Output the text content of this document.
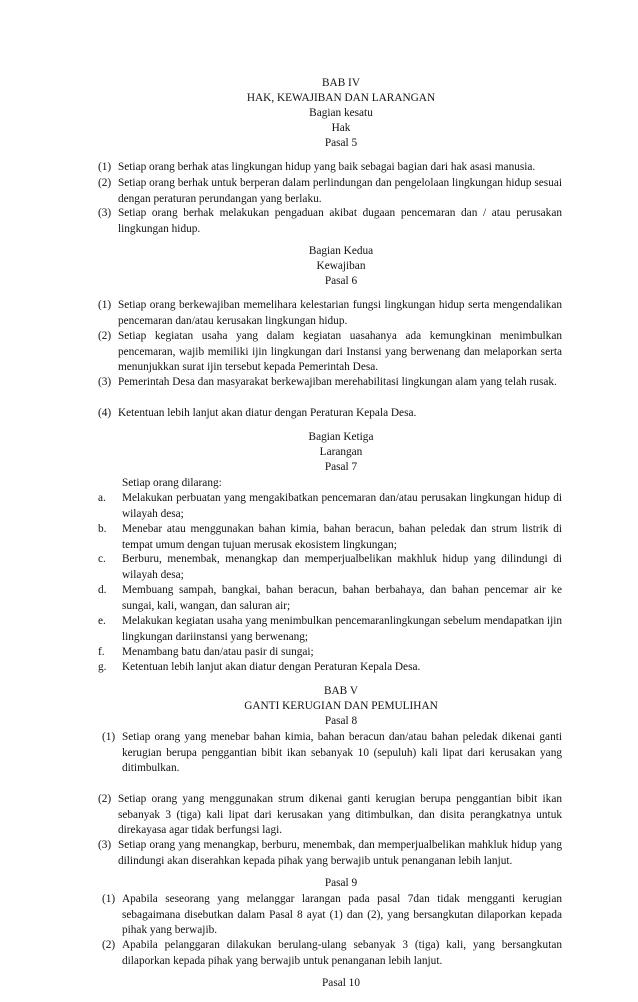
BAB IV
HAK, KEWAJIBAN DAN LARANGAN
Bagian kesatu
Hak
Pasal 5
(1) Setiap orang berhak atas lingkungan hidup yang baik sebagai bagian dari hak asasi manusia.
(2) Setiap orang berhak untuk berperan dalam perlindungan dan pengelolaan lingkungan hidup sesuai dengan peraturan perundangan yang berlaku.
(3) Setiap orang berhak melakukan pengaduan akibat dugaan pencemaran dan / atau perusakan lingkungan hidup.
Bagian Kedua
Kewajiban
Pasal 6
(1) Setiap orang berkewajiban memelihara kelestarian fungsi lingkungan hidup serta mengendalikan pencemaran dan/atau kerusakan lingkungan hidup.
(2) Setiap kegiatan usaha yang dalam kegiatan uasahanya ada kemungkinan menimbulkan pencemaran, wajib memiliki ijin lingkungan dari Instansi yang berwenang dan melaporkan serta menunjukkan surat ijin tersebut kepada Pemerintah Desa.
(3) Pemerintah Desa dan masyarakat berkewajiban merehabilitasi lingkungan alam yang telah rusak.
(4) Ketentuan lebih lanjut akan diatur dengan Peraturan Kepala Desa.
Bagian Ketiga
Larangan
Pasal 7
Setiap orang dilarang:
a. Melakukan perbuatan yang mengakibatkan pencemaran dan/atau perusakan lingkungan hidup di wilayah desa;
b. Menebar atau menggunakan bahan kimia, bahan beracun, bahan peledak dan strum listrik di tempat umum dengan tujuan merusak ekosistem lingkungan;
c. Berburu, menembak, menangkap dan memperjualbelikan makhluk hidup yang dilindungi di wilayah desa;
d. Membuang sampah, bangkai, bahan beracun, bahan berbahaya, dan bahan pencemar air ke sungai, kali, wangan, dan saluran air;
e. Melakukan kegiatan usaha yang menimbulkan pencemaranlingkungan sebelum mendapatkan ijin lingkungan dariinstansi yang berwenang;
f. Menambang batu dan/atau pasir di sungai;
g. Ketentuan lebih lanjut akan diatur dengan Peraturan Kepala Desa.
BAB V
GANTI KERUGIAN DAN PEMULIHAN
Pasal 8
(1) Setiap orang yang menebar bahan kimia, bahan beracun dan/atau bahan peledak dikenai ganti kerugian berupa penggantian bibit ikan sebanyak 10 (sepuluh) kali lipat dari kerusakan yang ditimbulkan.
(2) Setiap orang yang menggunakan strum dikenai ganti kerugian berupa penggantian bibit ikan sebanyak 3 (tiga) kali lipat dari kerusakan yang ditimbulkan, dan disita perangkatnya untuk direkayasa agar tidak berfungsi lagi.
(3) Setiap orang yang menangkap, berburu, menembak, dan memperjualbelikan mahkluk hidup yang dilindungi akan diserahkan kepada pihak yang berwajib untuk penanganan lebih lanjut.
Pasal 9
(1) Apabila seseorang yang melanggar larangan pada pasal 7dan tidak mengganti kerugian sebagaimana disebutkan dalam Pasal 8 ayat (1) dan (2), yang bersangkutan dilaporkan kepada pihak yang berwajib.
(2) Apabila pelanggaran dilakukan berulang-ulang sebanyak 3 (tiga) kali, yang bersangkutan dilaporkan kepada pihak yang berwajib untuk penanganan lebih lanjut.
Pasal 10
